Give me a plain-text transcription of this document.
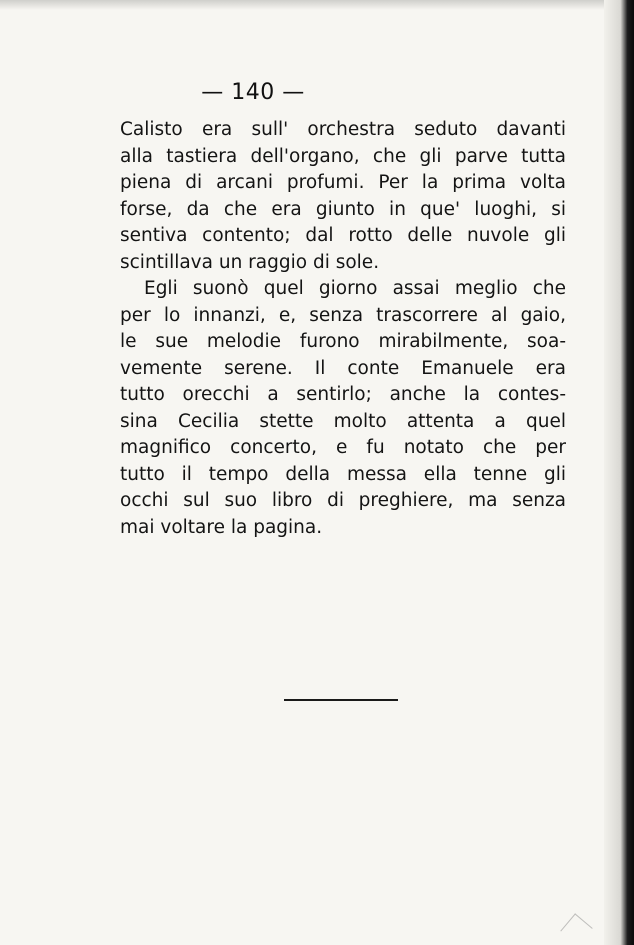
— 140 —

Calisto era sull' orchestra seduto davanti
alla tastiera dell'organo, che gli parve tutta
piena di arcani profumi. Per la prima volta
forse, da che era giunto in que' luoghi, si
sentiva contento; dal rotto delle nuvole gli
scintillava un raggio di sole.

Egli suonò quel giorno assai meglio che
per lo innanzi, e, senza trascorrere al gaio,
le sue melodie furono mirabilmente, soa-
vemente serene. Il conte Emanuele era
tutto orecchi a sentirlo; anche la contes-
sina Cecilia stette molto attenta a quel
magnifico concerto, e fu notato che per
tutto il tempo della messa ella tenne gli
occhi sul suo libro di preghiere, ma senza
mai voltare la pagina.
